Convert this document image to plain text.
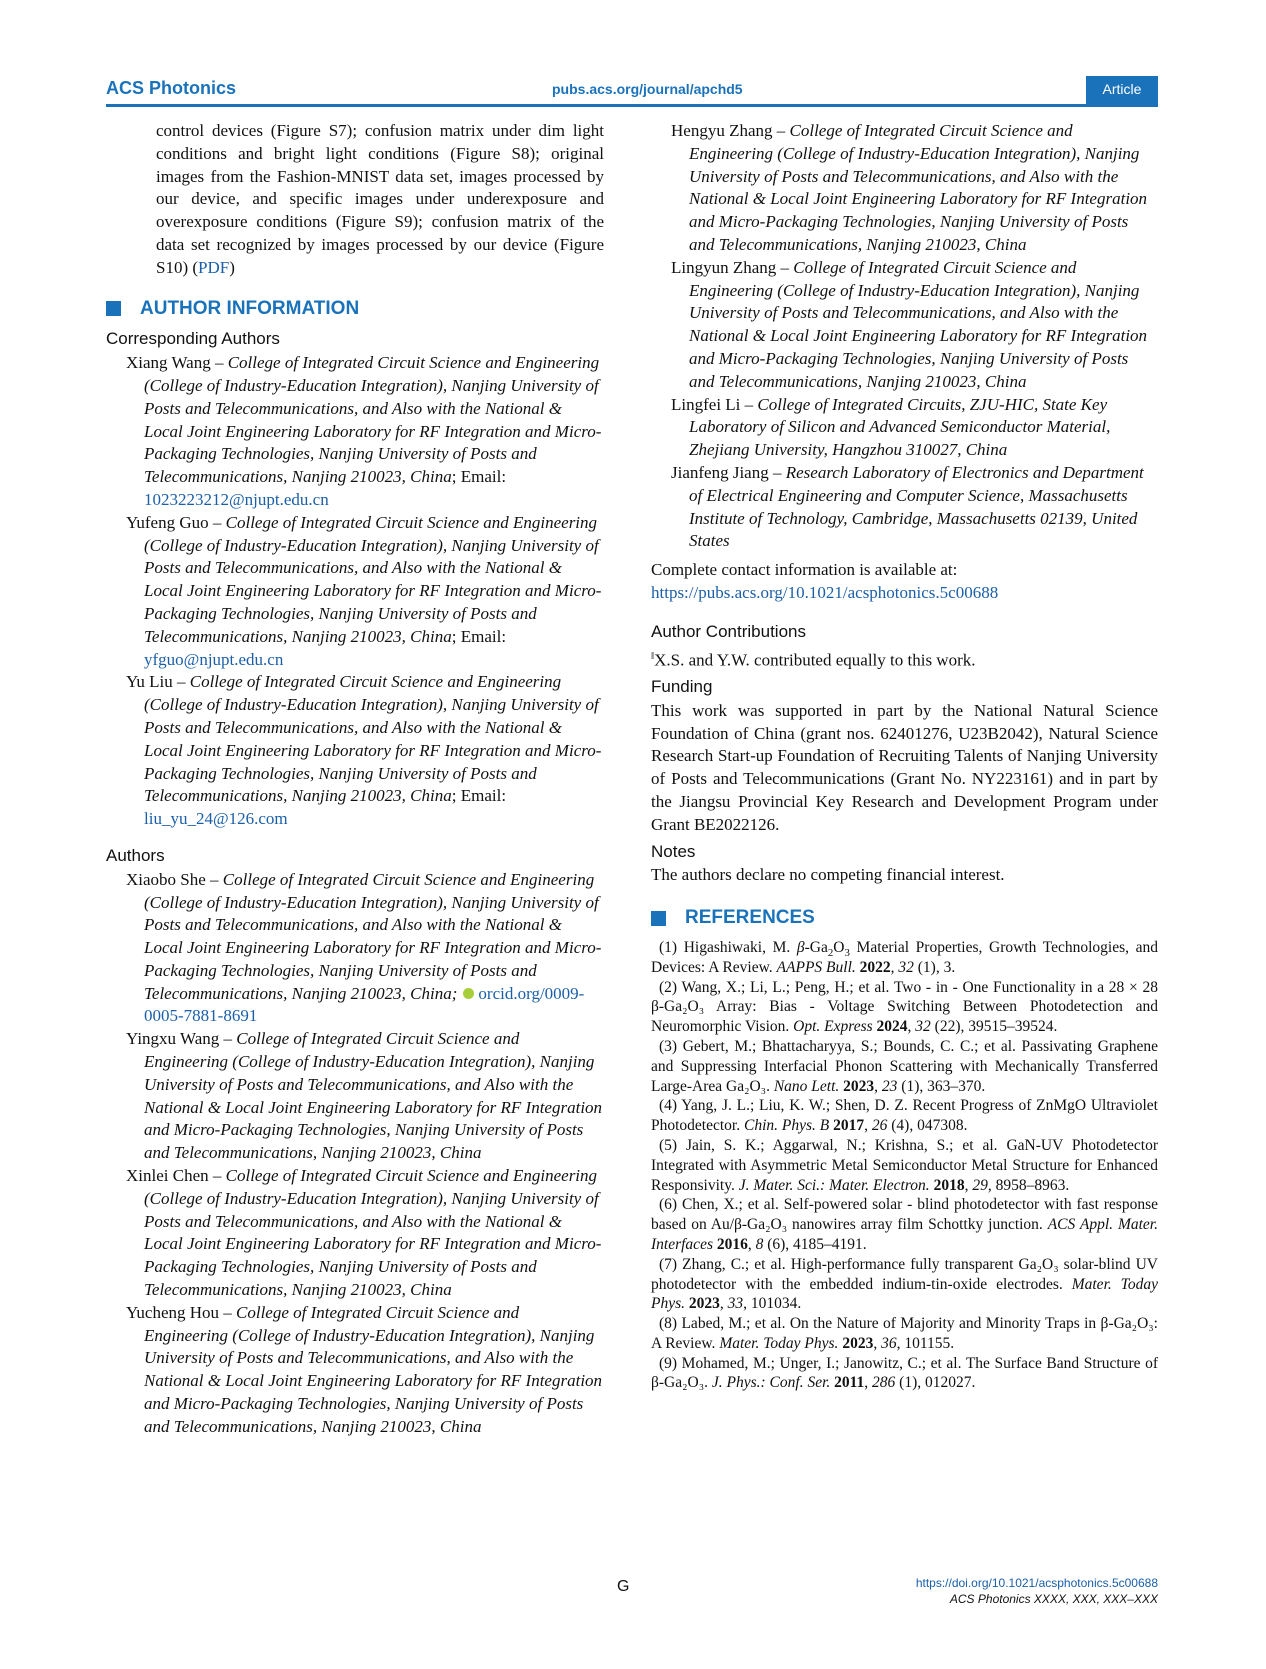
ACS Photonics	pubs.acs.org/journal/apchd5	Article

control devices (Figure S7); confusion matrix under dim light conditions and bright light conditions (Figure S8); original images from the Fashion-MNIST data set, images processed by our device, and specific images under underexposure and overexposure conditions (Figure S9); confusion matrix of the data set recognized by images processed by our device (Figure S10) (PDF)

AUTHOR INFORMATION
Corresponding Authors
Xiang Wang – College of Integrated Circuit Science and Engineering (College of Industry-Education Integration), Nanjing University of Posts and Telecommunications, and Also with the National & Local Joint Engineering Laboratory for RF Integration and Micro-Packaging Technologies, Nanjing University of Posts and Telecommunications, Nanjing 210023, China; Email: 1023223212@njupt.edu.cn
Yufeng Guo – College of Integrated Circuit Science and Engineering (College of Industry-Education Integration), Nanjing University of Posts and Telecommunications, and Also with the National & Local Joint Engineering Laboratory for RF Integration and Micro-Packaging Technologies, Nanjing University of Posts and Telecommunications, Nanjing 210023, China; Email: yfguo@njupt.edu.cn
Yu Liu – College of Integrated Circuit Science and Engineering (College of Industry-Education Integration), Nanjing University of Posts and Telecommunications, and Also with the National & Local Joint Engineering Laboratory for RF Integration and Micro-Packaging Technologies, Nanjing University of Posts and Telecommunications, Nanjing 210023, China; Email: liu_yu_24@126.com
Authors
Xiaobo She – College of Integrated Circuit Science and Engineering (College of Industry-Education Integration), Nanjing University of Posts and Telecommunications, and Also with the National & Local Joint Engineering Laboratory for RF Integration and Micro-Packaging Technologies, Nanjing University of Posts and Telecommunications, Nanjing 210023, China; orcid.org/0009-0005-7881-8691
Yingxu Wang – College of Integrated Circuit Science and Engineering (College of Industry-Education Integration), Nanjing University of Posts and Telecommunications, and Also with the National & Local Joint Engineering Laboratory for RF Integration and Micro-Packaging Technologies, Nanjing University of Posts and Telecommunications, Nanjing 210023, China
Xinlei Chen – College of Integrated Circuit Science and Engineering (College of Industry-Education Integration), Nanjing University of Posts and Telecommunications, and Also with the National & Local Joint Engineering Laboratory for RF Integration and Micro-Packaging Technologies, Nanjing University of Posts and Telecommunications, Nanjing 210023, China
Yucheng Hou – College of Integrated Circuit Science and Engineering (College of Industry-Education Integration), Nanjing University of Posts and Telecommunications, and Also with the National & Local Joint Engineering Laboratory for RF Integration and Micro-Packaging Technologies, Nanjing University of Posts and Telecommunications, Nanjing 210023, China
Hengyu Zhang – College of Integrated Circuit Science and Engineering (College of Industry-Education Integration), Nanjing University of Posts and Telecommunications, and Also with the National & Local Joint Engineering Laboratory for RF Integration and Micro-Packaging Technologies, Nanjing University of Posts and Telecommunications, Nanjing 210023, China
Lingyun Zhang – College of Integrated Circuit Science and Engineering (College of Industry-Education Integration), Nanjing University of Posts and Telecommunications, and Also with the National & Local Joint Engineering Laboratory for RF Integration and Micro-Packaging Technologies, Nanjing University of Posts and Telecommunications, Nanjing 210023, China
Lingfei Li – College of Integrated Circuits, ZJU-HIC, State Key Laboratory of Silicon and Advanced Semiconductor Material, Zhejiang University, Hangzhou 310027, China
Jianfeng Jiang – Research Laboratory of Electronics and Department of Electrical Engineering and Computer Science, Massachusetts Institute of Technology, Cambridge, Massachusetts 02139, United States
Complete contact information is available at:
https://pubs.acs.org/10.1021/acsphotonics.5c00688
Author Contributions
‖X.S. and Y.W. contributed equally to this work.
Funding
This work was supported in part by the National Natural Science Foundation of China (grant nos. 62401276, U23B2042), Natural Science Research Start-up Foundation of Recruiting Talents of Nanjing University of Posts and Telecommunications (Grant No. NY223161) and in part by the Jiangsu Provincial Key Research and Development Program under Grant BE2022126.
Notes
The authors declare no competing financial interest.
REFERENCES
(1) Higashiwaki, M. $\beta-Ga_2O_3$ Material Properties, Growth Technologies, and Devices: A Review. AAPPS Bull. 2022, 32 (1), 3.
(2) Wang, X.; Li, L.; Peng, H.; et al. Two - in - One Functionality in a 28 × 28 β-Ga₂O₃ Array: Bias - Voltage Switching Between Photodetection and Neuromorphic Vision. Opt. Express 2024, 32 (22), 39515–39524.
(3) Gebert, M.; Bhattacharyya, S.; Bounds, C. C.; et al. Passivating Graphene and Suppressing Interfacial Phonon Scattering with Mechanically Transferred Large-Area Ga₂O₃. Nano Lett. 2023, 23 (1), 363–370.
(4) Yang, J. L.; Liu, K. W.; Shen, D. Z. Recent Progress of ZnMgO Ultraviolet Photodetector. Chin. Phys. B 2017, 26 (4), 047308.
(5) Jain, S. K.; Aggarwal, N.; Krishna, S.; et al. GaN-UV Photodetector Integrated with Asymmetric Metal Semiconductor Metal Structure for Enhanced Responsivity. J. Mater. Sci.: Mater. Electron. 2018, 29, 8958–8963.
(6) Chen, X.; et al. Self-powered solar - blind photodetector with fast response based on Au/β-Ga₂O₃ nanowires array film Schottky junction. ACS Appl. Mater. Interfaces 2016, 8 (6), 4185–4191.
(7) Zhang, C.; et al. High-performance fully transparent Ga₂O₃ solar-blind UV photodetector with the embedded indium-tin-oxide electrodes. Mater. Today Phys. 2023, 33, 101034.
(8) Labed, M.; et al. On the Nature of Majority and Minority Traps in β-Ga₂O₃: A Review. Mater. Today Phys. 2023, 36, 101155.
(9) Mohamed, M.; Unger, I.; Janowitz, C.; et al. The Surface Band Structure of β-Ga₂O₃. J. Phys.: Conf. Ser. 2011, 286 (1), 012027.
G	https://doi.org/10.1021/acsphotonics.5c00688
ACS Photonics XXXX, XXX, XXX–XXX
